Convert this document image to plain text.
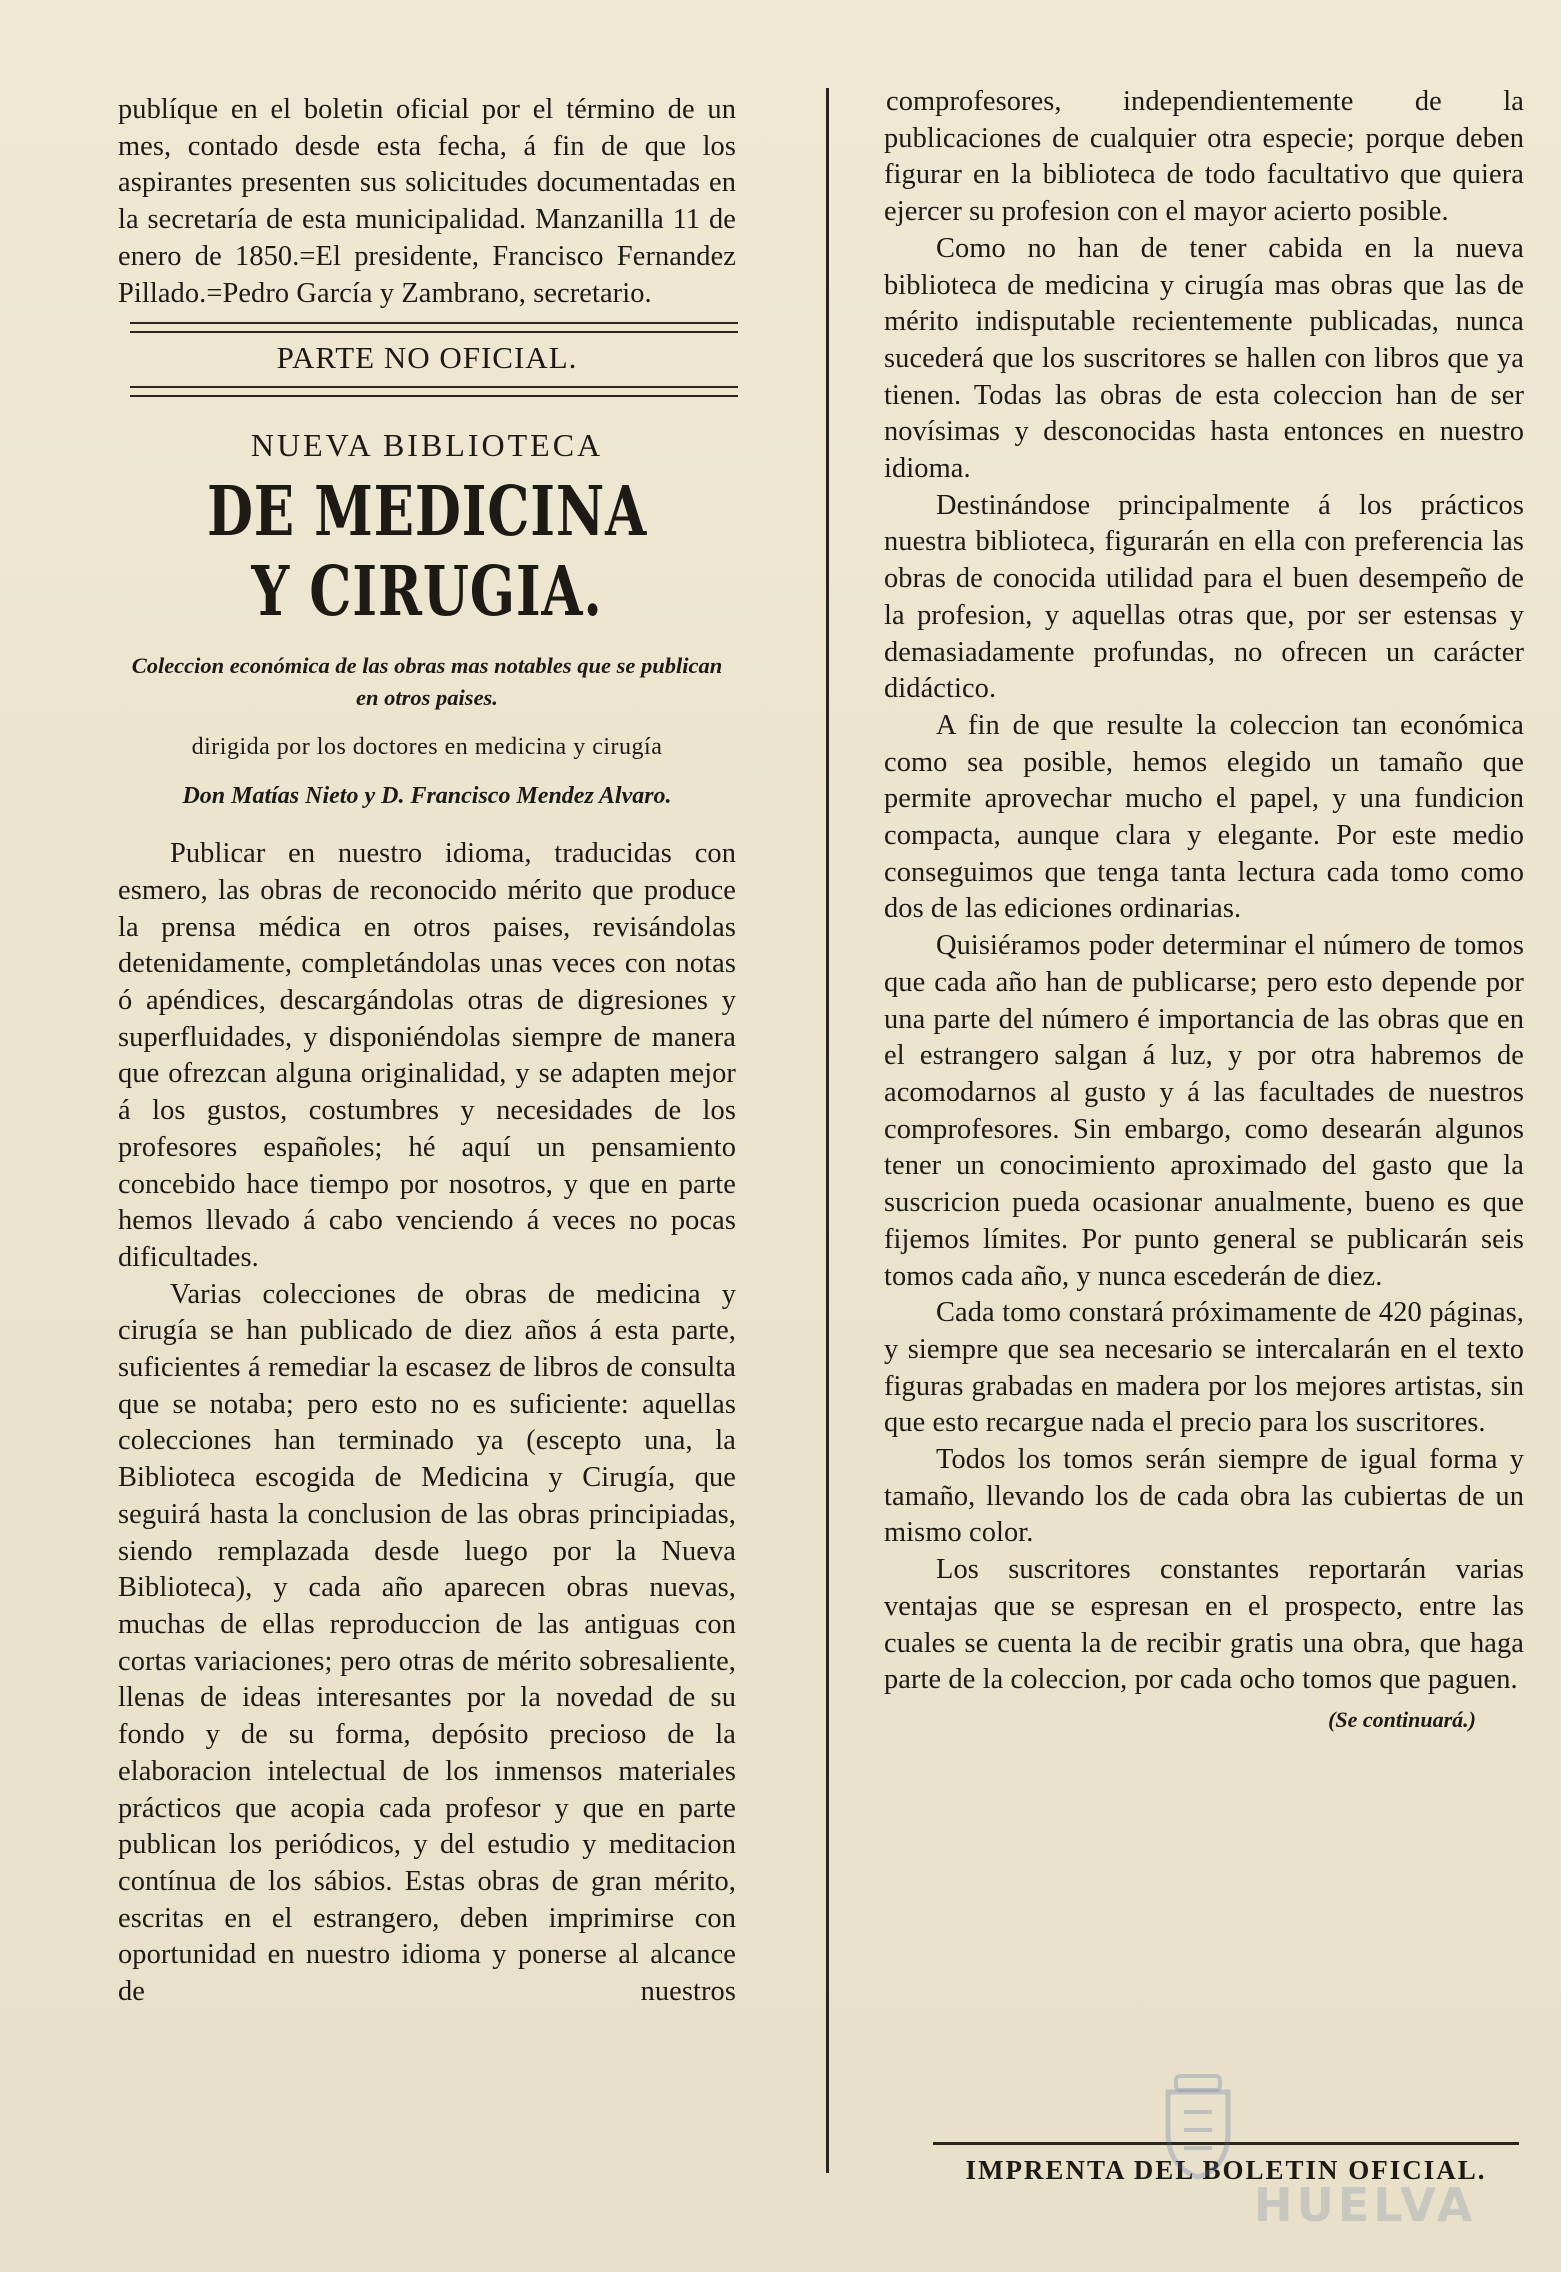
publíque en el boletin oficial por el término de un mes, contado desde esta fecha, á fin de que los aspirantes presenten sus solicitudes documentadas en la secretaría de esta municipalidad. Manzanilla 11 de enero de 1850.=El presidente, Francisco Fernandez Pillado.=Pedro García y Zambrano, secretario.

PARTE NO OFICIAL.
NUEVA BIBLIOTECA
DE MEDICINA Y CIRUGIA.
Coleccion económica de las obras mas notables que se publican en otros paises.
dirigida por los doctores en medicina y cirugía
Don Matías Nieto y D. Francisco Mendez Alvaro.

Publicar en nuestro idioma, traducidas con esmero, las obras de reconocido mérito que produce la prensa médica en otros paises, revisándolas detenidamente, completándolas unas veces con notas ó apéndices, descargándolas otras de digresiones y superfluidades, y disponiéndolas siempre de manera que ofrezcan alguna originalidad, y se adapten mejor á los gustos, costumbres y necesidades de los profesores españoles; hé aquí un pensamiento concebido hace tiempo por nosotros, y que en parte hemos llevado á cabo venciendo á veces no pocas dificultades.

Varias colecciones de obras de medicina y cirugía se han publicado de diez años á esta parte, suficientes á remediar la escasez de libros de consulta que se notaba; pero esto no es suficiente: aquellas colecciones han terminado ya (escepto una, la Biblioteca escogida de Medicina y Cirugía, que seguirá hasta la conclusion de las obras principiadas, siendo remplazada desde luego por la Nueva Biblioteca), y cada año aparecen obras nuevas, muchas de ellas reproduccion de las antiguas con cortas variaciones; pero otras de mérito sobresaliente, llenas de ideas interesantes por la novedad de su fondo y de su forma, depósito precioso de la elaboracion intelectual de los inmensos materiales prácticos que acopia cada profesor y que en parte publican los periódicos, y del estudio y meditacion contínua de los sábios. Estas obras de gran mérito, escritas en el estrangero, deben imprimirse con oportunidad en nuestro idioma y ponerse al alcance de nuestros

comprofesores, independientemente de la publicaciones de cualquier otra especie; porque deben figurar en la biblioteca de todo facultativo que quiera ejercer su profesion con el mayor acierto posible.

Como no han de tener cabida en la nueva biblioteca de medicina y cirugía mas obras que las de mérito indisputable recientemente publicadas, nunca sucederá que los suscritores se hallen con libros que ya tienen. Todas las obras de esta coleccion han de ser novísimas y desconocidas hasta entonces en nuestro idioma.

Destinándose principalmente á los prácticos nuestra biblioteca, figurarán en ella con preferencia las obras de conocida utilidad para el buen desempeño de la profesion, y aquellas otras que, por ser estensas y demasiadamente profundas, no ofrecen un carácter didáctico.

A fin de que resulte la coleccion tan económica como sea posible, hemos elegido un tamaño que permite aprovechar mucho el papel, y una fundicion compacta, aunque clara y elegante. Por este medio conseguimos que tenga tanta lectura cada tomo como dos de las ediciones ordinarias.

Quisiéramos poder determinar el número de tomos que cada año han de publicarse; pero esto depende por una parte del número é importancia de las obras que en el estrangero salgan á luz, y por otra habremos de acomodarnos al gusto y á las facultades de nuestros comprofesores. Sin embargo, como desearán algunos tener un conocimiento aproximado del gasto que la suscricion pueda ocasionar anualmente, bueno es que fijemos límites. Por punto general se publicarán seis tomos cada año, y nunca escederán de diez.

Cada tomo constará próximamente de 420 páginas, y siempre que sea necesario se intercalarán en el texto figuras grabadas en madera por los mejores artistas, sin que esto recargue nada el precio para los suscritores.

Todos los tomos serán siempre de igual forma y tamaño, llevando los de cada obra las cubiertas de un mismo color.

Los suscritores constantes reportarán varias ventajas que se espresan en el prospecto, entre las cuales se cuenta la de recibir gratis una obra, que haga parte de la coleccion, por cada ocho tomos que paguen.

(Se continuará.)
IMPRENTA DEL BOLETIN OFICIAL.
HUELVA
